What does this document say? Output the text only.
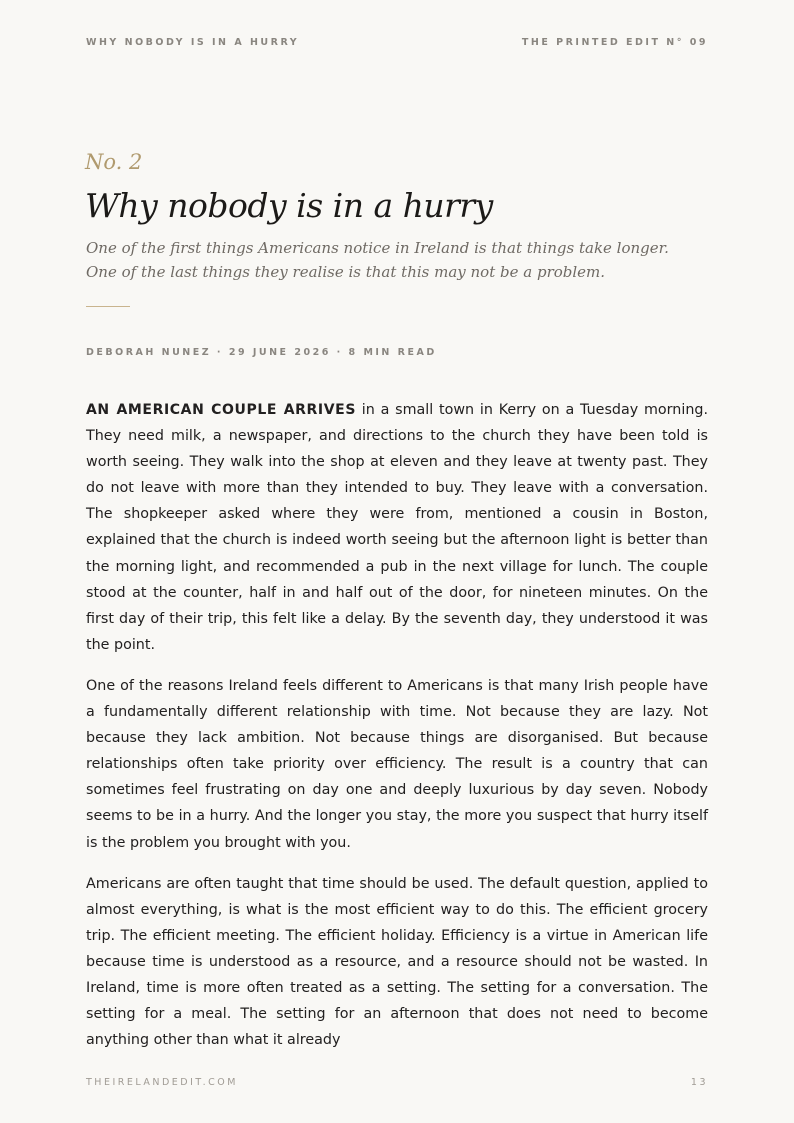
WHY NOBODY IS IN A HURRY	THE PRINTED EDIT N° 09
No. 2
Why nobody is in a hurry
One of the first things Americans notice in Ireland is that things take longer.
One of the last things they realise is that this may not be a problem.
DEBORAH NUNEZ · 29 JUNE 2026 · 8 MIN READ

AN AMERICAN COUPLE ARRIVES in a small town in Kerry on a Tuesday morning. They need milk, a newspaper, and directions to the church they have been told is worth seeing. They walk into the shop at eleven and they leave at twenty past. They do not leave with more than they intended to buy. They leave with a conversation. The shopkeeper asked where they were from, mentioned a cousin in Boston, explained that the church is indeed worth seeing but the afternoon light is better than the morning light, and recommended a pub in the next village for lunch. The couple stood at the counter, half in and half out of the door, for nineteen minutes. On the first day of their trip, this felt like a delay. By the seventh day, they understood it was the point.

One of the reasons Ireland feels different to Americans is that many Irish people have a fundamentally different relationship with time. Not because they are lazy. Not because they lack ambition. Not because things are disorganised. But because relationships often take priority over efficiency. The result is a country that can sometimes feel frustrating on day one and deeply luxurious by day seven. Nobody seems to be in a hurry. And the longer you stay, the more you suspect that hurry itself is the problem you brought with you.

Americans are often taught that time should be used. The default question, applied to almost everything, is what is the most efficient way to do this. The efficient grocery trip. The efficient meeting. The efficient holiday. Efficiency is a virtue in American life because time is understood as a resource, and a resource should not be wasted. In Ireland, time is more often treated as a setting. The setting for a conversation. The setting for a meal. The setting for an afternoon that does not need to become anything other than what it already

THEIRELANDEDIT.COM	13
